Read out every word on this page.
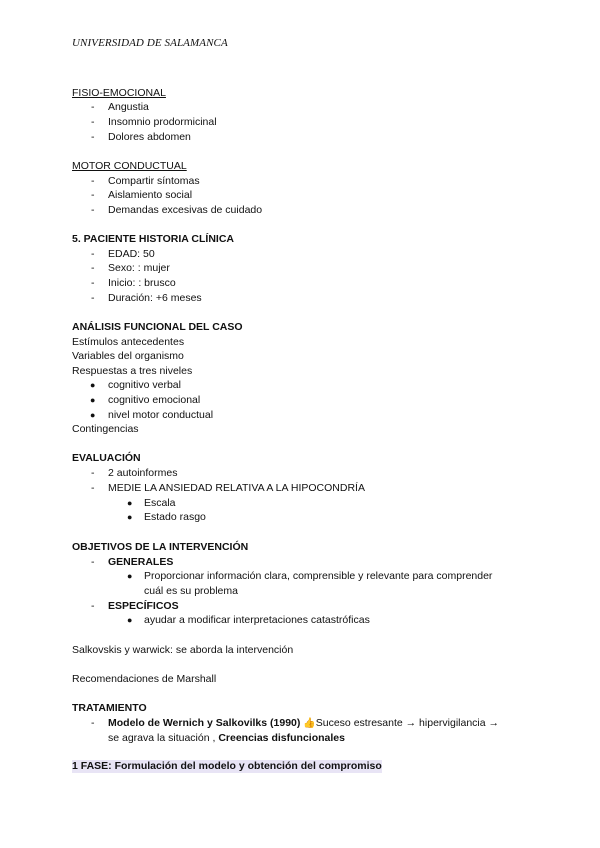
UNIVERSIDAD DE SALAMANCA
FISIO-EMOCIONAL
- Angustia
- Insomnio prodormicinal
- Dolores abdomen
MOTOR CONDUCTUAL
- Compartir síntomas
- Aislamiento social
- Demandas excesivas de cuidado
5. PACIENTE HISTORIA CLÍNICA
- EDAD: 50
- Sexo: : mujer
- Inicio: : brusco
- Duración: +6 meses
ANÁLISIS FUNCIONAL DEL CASO
Estímulos antecedentes
Variables del organismo
Respuestas a tres niveles
● cognitivo verbal
● cognitivo emocional
● nivel motor conductual
Contingencias
EVALUACIÓN
- 2 autoinformes
- MEDIE LA ANSIEDAD RELATIVA A LA HIPOCONDRÍA
● Escala
● Estado rasgo
OBJETIVOS DE LA INTERVENCIÓN
- GENERALES
● Proporcionar información clara, comprensible y relevante para comprender
cuál es su problema
- ESPECÍFICOS
● ayudar a modificar interpretaciones catastróficas
Salkovskis y warwick: se aborda la intervención
Recomendaciones de Marshall
TRATAMIENTO
- Modelo de Wernich y Salkovilks (1990) 👍Suceso estresante → hipervigilancia →
se agrava la situación , Creencias disfuncionales
1 FASE: Formulación del modelo y obtención del compromiso
